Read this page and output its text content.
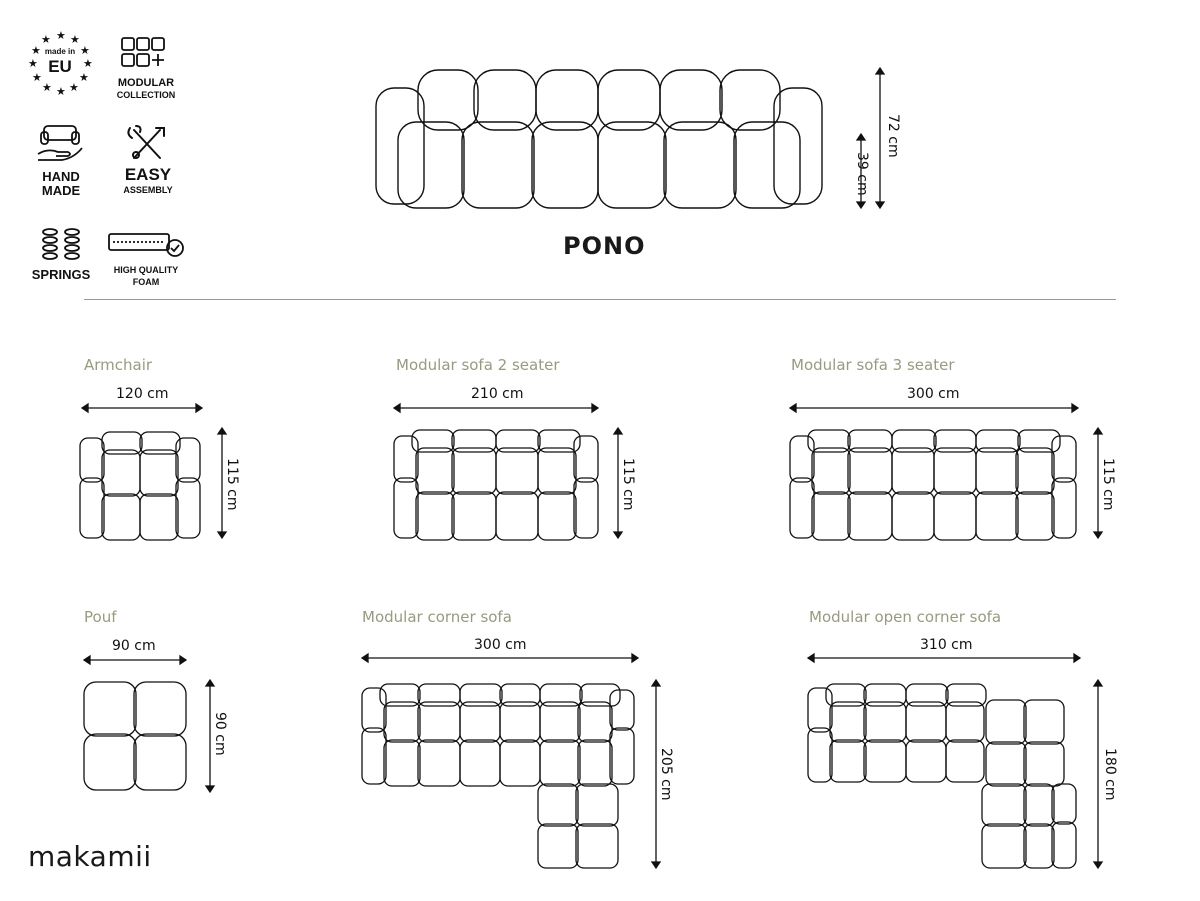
★ ★
★
★
★
★
★
★
★
★
★
★
made in
EU
MODULAR
COLLECTION
HAND
MADE
EASY
ASSEMBLY
SPRINGS	HIGH QUALITY
FOAM
PONO
72 cm
39 cm
Armchair
120 cm
115 cm
Modular sofa 2 seater
210 cm
115 cm
Modular sofa 3 seater
300 cm
115 cm
Pouf
90 cm
90 cm
Modular corner sofa
300 cm
205 cm
Modular open corner sofa
310 cm
180 cm
makamii
